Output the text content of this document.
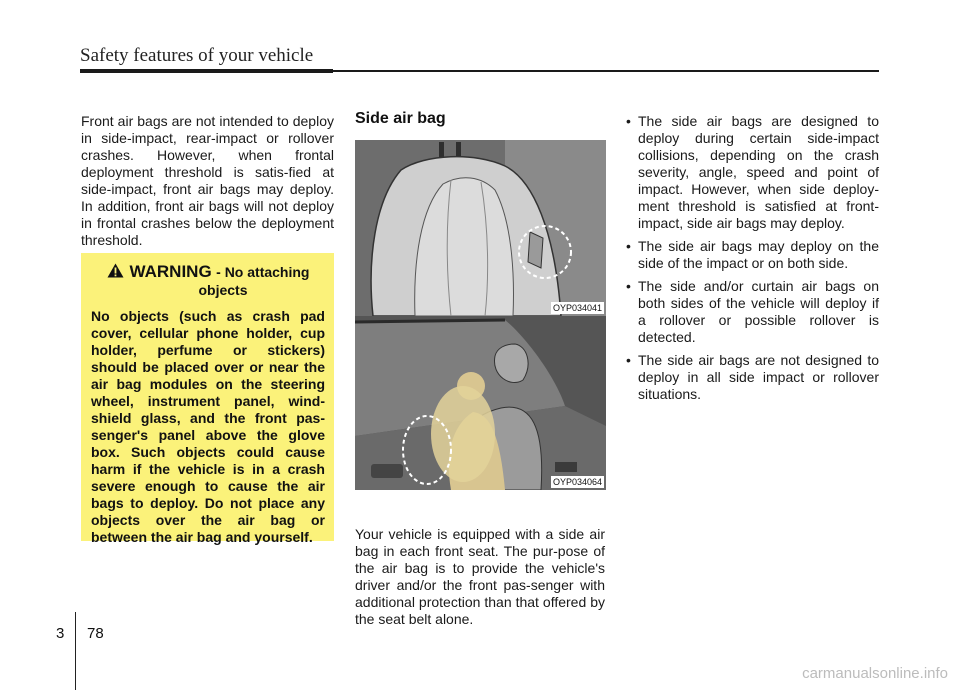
Safety features of your vehicle
Front air bags are not intended to deploy in side-impact, rear-impact or rollover crashes. However, when frontal deployment threshold is satis-fied at side-impact, front air bags may deploy. In addition, front air bags will not deploy in frontal crashes below the deployment threshold.
WARNING - No attaching
objects
No objects (such as crash pad cover, cellular phone holder, cup holder, perfume or stickers) should be placed over or near the air bag modules on the steering wheel, instrument panel, wind-shield glass, and the front pas-senger's panel above the glove box. Such objects could cause harm if the vehicle is in a crash severe enough to cause the air bags to deploy. Do not place any objects over the air bag or between the air bag and yourself.
Side air bag
OYP034041
OYP034064
Your vehicle is equipped with a side air bag in each front seat. The pur-pose of the air bag is to provide the vehicle's driver and/or the front pas-senger with additional protection than that offered by the seat belt alone.
• The side air bags are designed to deploy during certain side-impact collisions, depending on the crash severity, angle, speed and point of impact. However, when side deploy-ment threshold is satisfied at front-impact, side air bags may deploy.
• The side air bags may deploy on the side of the impact or on both side.
• The side and/or curtain air bags on both sides of the vehicle will deploy if a rollover or possible rollover is detected.
• The side air bags are not designed to deploy in all side impact or rollover situations.
3 78
carmanualsonline.info
